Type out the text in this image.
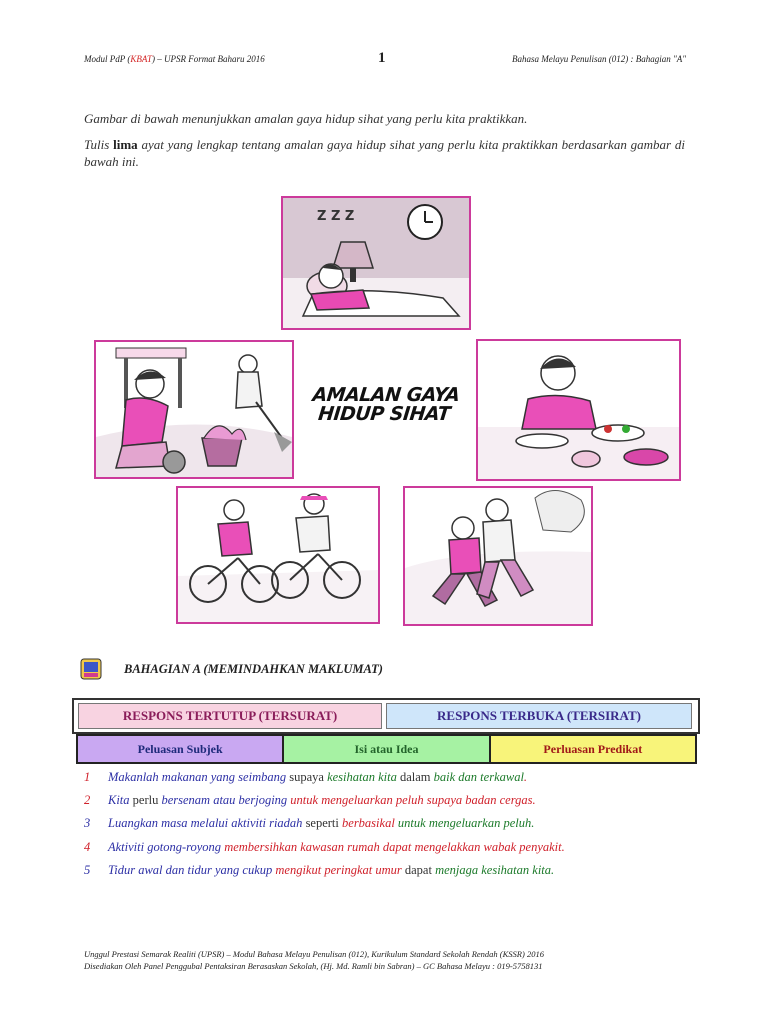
Modul PdP (KBAT) – UPSR Format Baharu 2016	1	Bahasa Melayu Penulisan (012) : Bahagian "A"
Gambar di bawah menunjukkan amalan gaya hidup sihat yang perlu kita praktikkan.
Tulis lima ayat yang lengkap tentang amalan gaya hidup sihat yang perlu kita praktikkan berdasarkan gambar di bawah ini.
Z Z Z
AMALAN GAYA
HIDUP SIHAT
BAHAGIAN A (MEMINDAHKAN MAKLUMAT)
RESPONS TERTUTUP (TERSURAT)	RESPONS TERBUKA (TERSIRAT)
Peluasan Subjek	Isi atau Idea	Perluasan Predikat
1 Makanlah makanan yang seimbang supaya kesihatan kita dalam baik dan terkawal.
2 Kita perlu bersenam atau berjoging untuk mengeluarkan peluh supaya badan cergas.
3 Luangkan masa melalui aktiviti riadah seperti berbasikal untuk mengeluarkan peluh.
4 Aktiviti gotong-royong membersihkan kawasan rumah dapat mengelakkan wabak penyakit.
5 Tidur awal dan tidur yang cukup mengikut peringkat umur dapat menjaga kesihatan kita.
Unggul Prestasi Semarak Realiti (UPSR) – Modul Bahasa Melayu Penulisan (012), Kurikulum Standard Sekolah Rendah (KSSR) 2016
Disediakan Oleh Panel Penggubal Pentaksiran Berasaskan Sekolah, (Hj. Md. Ramli bin Sabran) – GC Bahasa Melayu : 019-5758131
